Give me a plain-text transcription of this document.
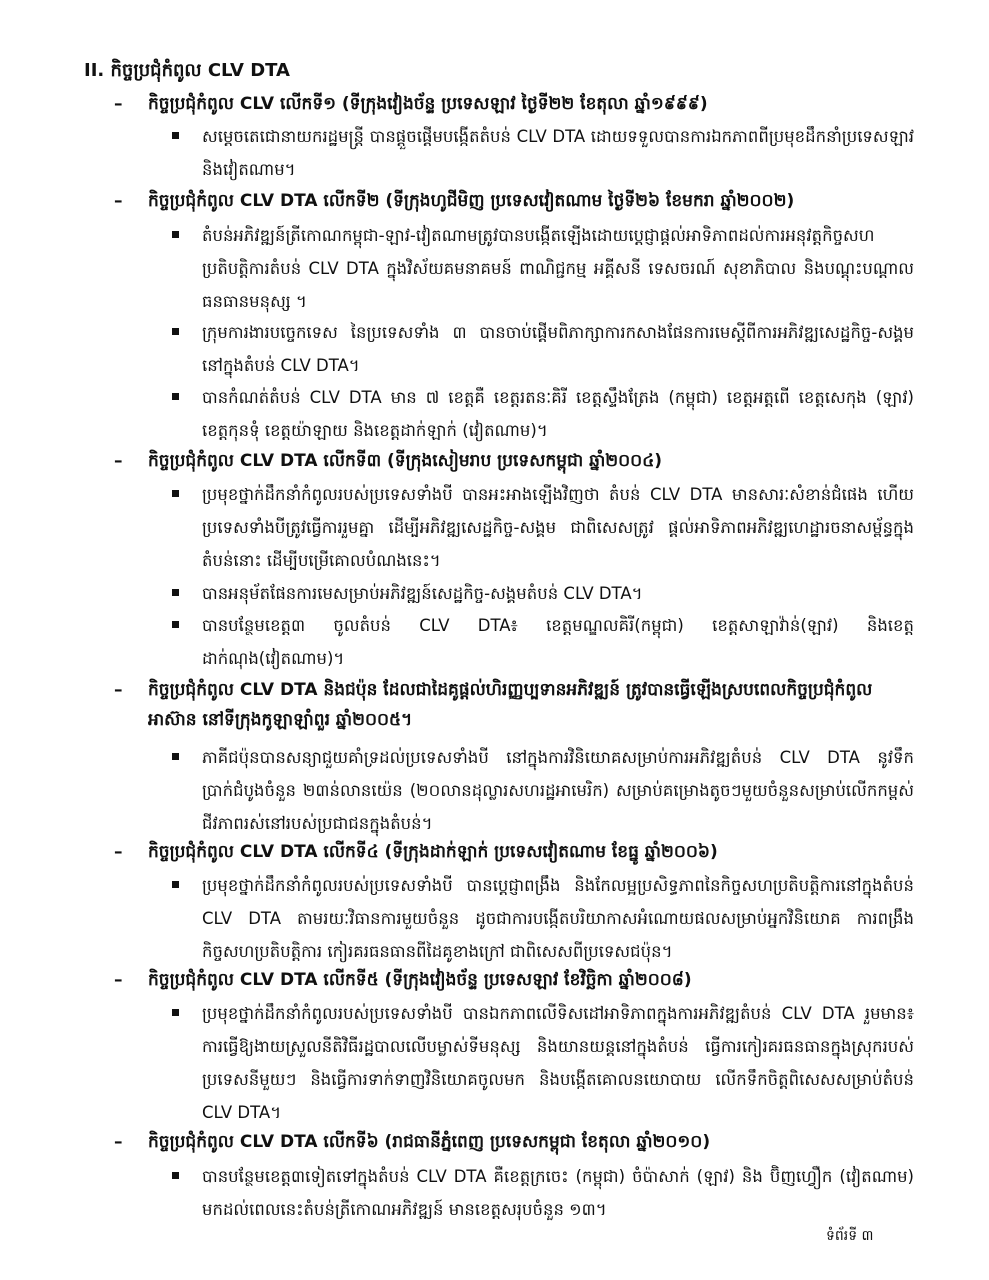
II. កិច្ចប្រជុំកំពូល CLV DTA
–	កិច្ចប្រជុំកំពូល CLV លើកទី១ (ទីក្រុងវៀងច័ន្ទ ប្រទេសឡាវ ថ្ងៃទី២២ ខែតុលា ឆ្នាំ១៩៩៩)
សម្តេចតេជោនាយករដ្ឋមន្ត្រី បានផ្តួចផ្តើមបង្កើតតំបន់ CLV DTA ដោយទទួលបានការឯកភាពពីប្រមុខដឹកនាំប្រទេសឡាវ និងវៀតណាម។
–	កិច្ចប្រជុំកំពូល CLV DTA លើកទី២ (ទីក្រុងហូជីមិញ ប្រទេសវៀតណាម ថ្ងៃទី២៦ ខែមករា ឆ្នាំ២០០២)
តំបន់អភិវឌ្ឍន៍ត្រីកោណកម្ពុជា-ឡាវ-វៀតណាមត្រូវបានបង្កើតឡើងដោយប្តេជ្ញាផ្តល់អាទិភាពដល់ការអនុវត្តកិច្ចសហប្រតិបត្តិការតំបន់ CLV DTA ក្នុងវិស័យគមនាគមន៍ ពាណិជ្ជកម្ម អគ្គីសនី ទេសចរណ៍ សុខាភិបាល និងបណ្តុះបណ្តាលធនធានមនុស្ស ។
ក្រុមការងារបច្ចេកទេស នៃប្រទេសទាំង ៣ បានចាប់ផ្តើមពិភាក្សាការកសាងផែនការមេស្តីពីការអភិវឌ្ឍសេដ្ឋកិច្ច-សង្គម នៅក្នុងតំបន់ CLV DTA។
បានកំណត់តំបន់ CLV DTA មាន ៧ ខេត្តគឺ ខេត្តរតនៈគិរី ខេត្តស្ទឹងត្រែង (កម្ពុជា) ខេត្តអត្តពើ ខេត្តសេកុង (ឡាវ) ខេត្តកុនទុំ ខេត្តយ៉ាឡាយ និងខេត្តដាក់ឡាក់ (វៀតណាម)។
–	កិច្ចប្រជុំកំពូល CLV DTA លើកទី៣ (ទីក្រុងសៀមរាប ប្រទេសកម្ពុជា ឆ្នាំ២០០៤)
ប្រមុខថ្នាក់ដឹកនាំកំពូលរបស់ប្រទេសទាំងបី បានអះអាងឡើងវិញថា តំបន់ CLV DTA មានសារៈសំខាន់ជំផេង ហើយប្រទេសទាំងបីត្រូវធ្វើការរួមគ្នា ដើម្បីអភិវឌ្ឍសេដ្ឋកិច្ច-សង្គម ជាពិសេសត្រូវ ផ្តល់អាទិភាពអភិវឌ្ឍហេដ្ឋារចនាសម្ព័ន្ធក្នុងតំបន់នោះ ដើម្បីបម្រើគោលបំណងនេះ។
បានអនុម័តផែនការមេសម្រាប់អភិវឌ្ឍន៍សេដ្ឋកិច្ច-សង្គមតំបន់ CLV DTA។
បានបន្ថែមខេត្ត៣ ចូលតំបន់ CLV DTA៖ ខេត្តមណ្ឌលគិរី(កម្ពុជា) ខេត្តសាឡាវ៉ាន់(ឡាវ) និងខេត្តដាក់ណុង(វៀតណាម)។
–	កិច្ចប្រជុំកំពូល CLV DTA និងជប៉ុន ដែលជាដៃគូផ្តល់ហិរញ្ញប្បទានអភិវឌ្ឍន៍ ត្រូវបានធ្វើឡើងស្របពេលកិច្ចប្រជុំកំពូលអាស៊ាន នៅទីក្រុងកូឡាឡាំពួរ ឆ្នាំ២០០៥។
ភាគីជប៉ុនបានសន្យាជួយគាំទ្រដល់ប្រទេសទាំងបី នៅក្នុងការវិនិយោគសម្រាប់ការអភិវឌ្ឍតំបន់ CLV DTA នូវទឹកប្រាក់ជំបូងចំនួន ២៣ន់លានយ៉េន (២០លានដុល្លារសហរដ្ឋអាមេរិក) សម្រាប់គម្រោងតូចៗមួយចំនួនសម្រាប់លើកកម្ពស់ជីវភាពរស់នៅរបស់ប្រជាជនក្នុងតំបន់។
–	កិច្ចប្រជុំកំពូល CLV DTA លើកទី៤ (ទីក្រុងដាក់ឡាក់ ប្រទេសវៀតណាម ខែធ្នូ ឆ្នាំ២០០៦)
ប្រមុខថ្នាក់ដឹកនាំកំពូលរបស់ប្រទេសទាំងបី បានប្តេជ្ញាពង្រឹង និងកែលម្អប្រសិទ្ធភាពនៃកិច្ចសហប្រតិបត្តិការនៅក្នុងតំបន់ CLV DTA តាមរយៈវិធានការមួយចំនួន ដូចជាការបង្កើតបរិយាកាសអំណោយផលសម្រាប់អ្នកវិនិយោគ ការពង្រឹងកិច្ចសហប្រតិបត្តិការ កៀរគរធនធានពីដៃគូខាងក្រៅ ជាពិសេសពីប្រទេសជប៉ុន។
–	កិច្ចប្រជុំកំពូល CLV DTA លើកទី៥ (ទីក្រុងវៀងច័ន្ទ ប្រទេសឡាវ ខែវិច្ឆិកា ឆ្នាំ២០០៨)
ប្រមុខថ្នាក់ដឹកនាំកំពូលរបស់ប្រទេសទាំងបី បានឯកភាពលើទិសដៅអាទិភាពក្នុងការអភិវឌ្ឍតំបន់ CLV DTA រួមមាន៖ ការធ្វើឱ្យងាយស្រួលនីតិវិធីរដ្ឋបាលលើបម្លាស់ទីមនុស្ស និងយានយន្តនៅក្នុងតំបន់ ធ្វើការកៀរគរធនធានក្នុងស្រុករបស់ប្រទេសនីមួយៗ និងធ្វើការទាក់ទាញវិនិយោគចូលមក និងបង្កើតគោលនយោបាយ លើកទឹកចិត្តពិសេសសម្រាប់តំបន់ CLV DTA។
–	កិច្ចប្រជុំកំពូល CLV DTA លើកទី៦ (រាជធានីភ្នំពេញ ប្រទេសកម្ពុជា ខែតុលា ឆ្នាំ២០១០)
បានបន្ថែមខេត្ត៣ទៀតទៅក្នុងតំបន់ CLV DTA គឺខេត្តក្រចេះ (កម្ពុជា) ចំប៉ាសាក់ (ឡាវ) និង ប៊ិញហ្វឿក (វៀតណាម) មកដល់ពេលនេះតំបន់ត្រីកោណអភិវឌ្ឍន៍ មានខេត្តសរុបចំនួន ១៣។
ទំព័រទី ៣
